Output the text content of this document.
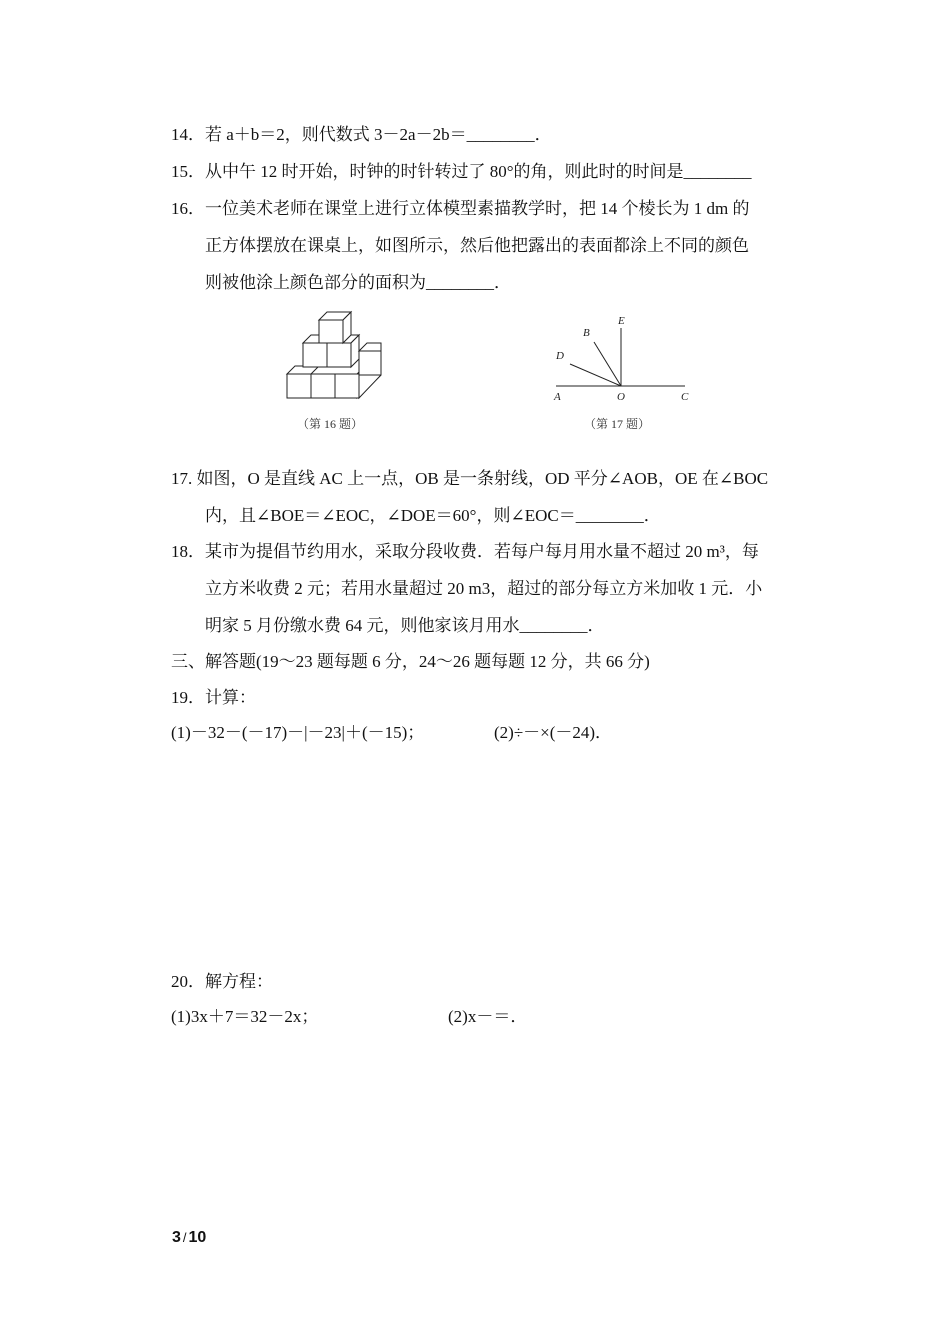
14．若 a＋b＝2，则代数式 3－2a－2b＝________．
15．从中午 12 时开始，时钟的时针转过了 80°的角，则此时的时间是________
16．一位美术老师在课堂上进行立体模型素描教学时，把 14 个棱长为 1 dm 的
正方体摆放在课桌上，如图所示，然后他把露出的表面都涂上不同的颜色
则被他涂上颜色部分的面积为________．
（第 16 题）
A	O	C
B
D
E
（第 17 题）
17. 如图，O 是直线 AC 上一点，OB 是一条射线，OD 平分∠AOB，OE 在∠BOC
内，且∠BOE＝∠EOC，∠DOE＝60°，则∠EOC＝________．
18．某市为提倡节约用水，采取分段收费．若每户每月用水量不超过 20 m³，每
立方米收费 2 元；若用水量超过 20 m3，超过的部分每立方米加收 1 元．小
明家 5 月份缴水费 64 元，则他家该月用水________．
三、解答题(19～23 题每题 6 分，24～26 题每题 12 分，共 66 分)
19．计算：
(1)－32－(－17)－|－23|＋(－15)；	(2)÷－×(－24)．
20．解方程：
(1)3x＋7＝32－2x；	(2)x－＝．
3 / 10
